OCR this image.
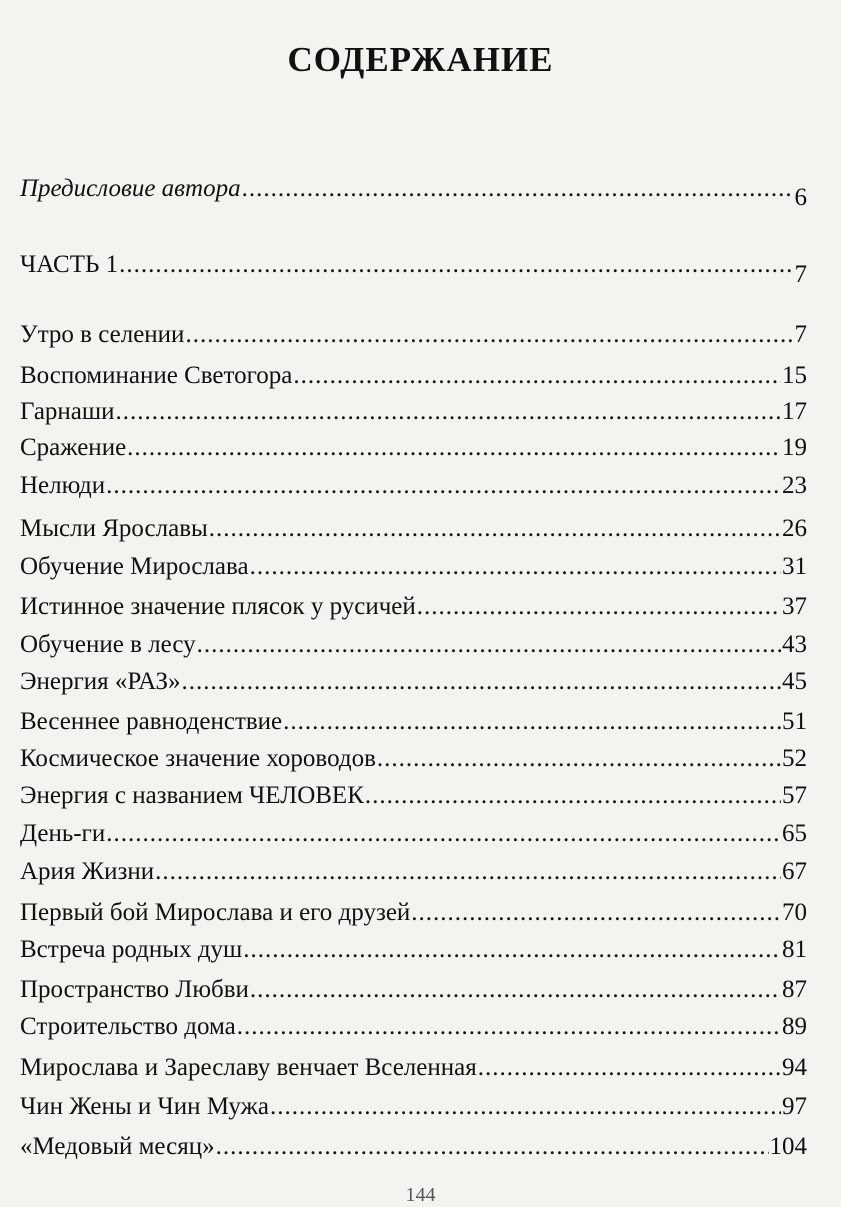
СОДЕРЖАНИЕ
Предисловие автора .....	6
ЧАСТЬ 1 .....	7
Утро в селении .....	7
Воспоминание Светогора .....	15
Гарнаши .....	17
Сражение .....	19
Нелюди .....	23
Мысли Ярославы .....	26
Обучение Мирослава .....	31
Истинное значение плясок у русичей .....	37
Обучение в лесу .....	43
Энергия «РАЗ» .....	45
Весеннее равноденствие .....	51
Космическое значение хороводов .....	52
Энергия с названием ЧЕЛОВЕК .....	57
День-ги .....	65
Ария Жизни .....	67
Первый бой Мирослава и его друзей .....	70
Встреча родных душ .....	81
Пространство Любви .....	87
Строительство дома .....	89
Мирослава и Зареславу венчает Вселенная .....	94
Чин Жены и Чин Мужа .....	97
«Медовый месяц» .....	104
144
